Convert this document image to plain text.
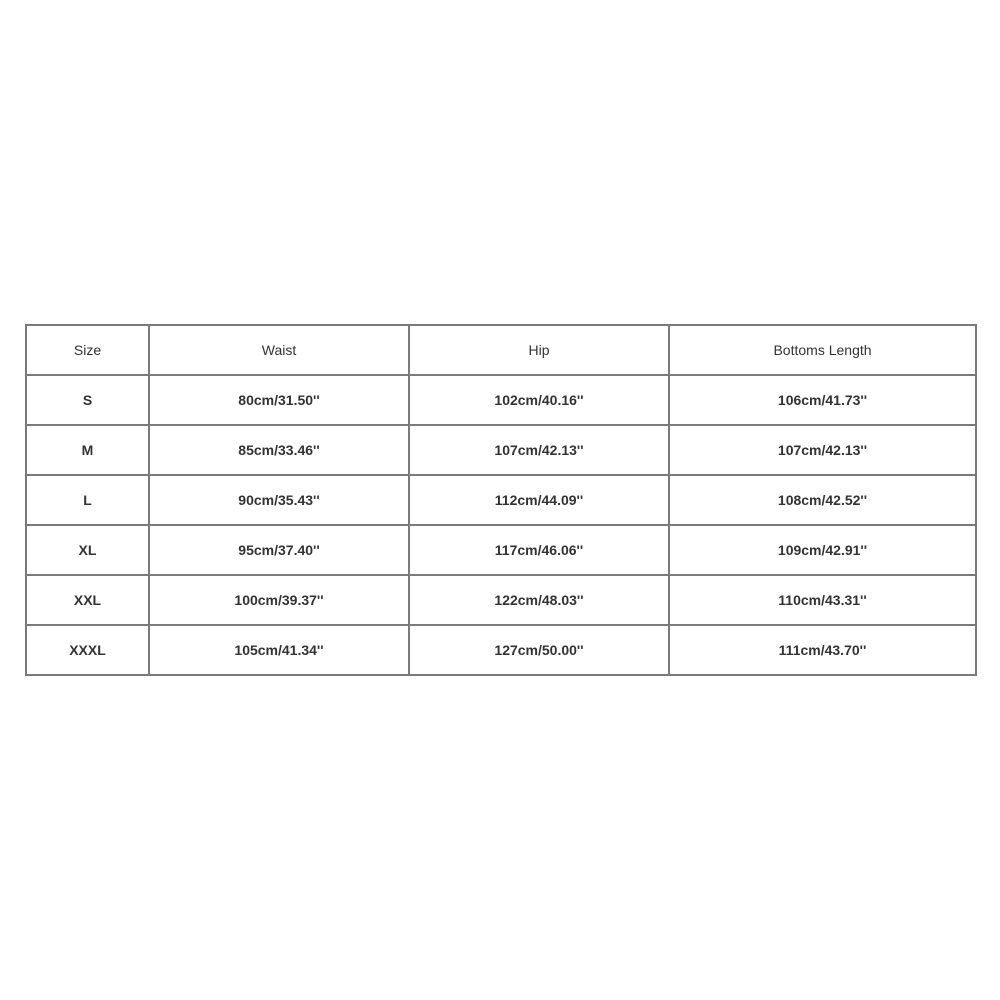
Size	Waist	Hip	Bottoms Length
S	80cm/31.50''	102cm/40.16''	106cm/41.73''
M	85cm/33.46''	107cm/42.13''	107cm/42.13''
L	90cm/35.43''	112cm/44.09''	108cm/42.52''
XL	95cm/37.40''	117cm/46.06''	109cm/42.91''
XXL	100cm/39.37''	122cm/48.03''	110cm/43.31''
XXXL	105cm/41.34''	127cm/50.00''	111cm/43.70''
